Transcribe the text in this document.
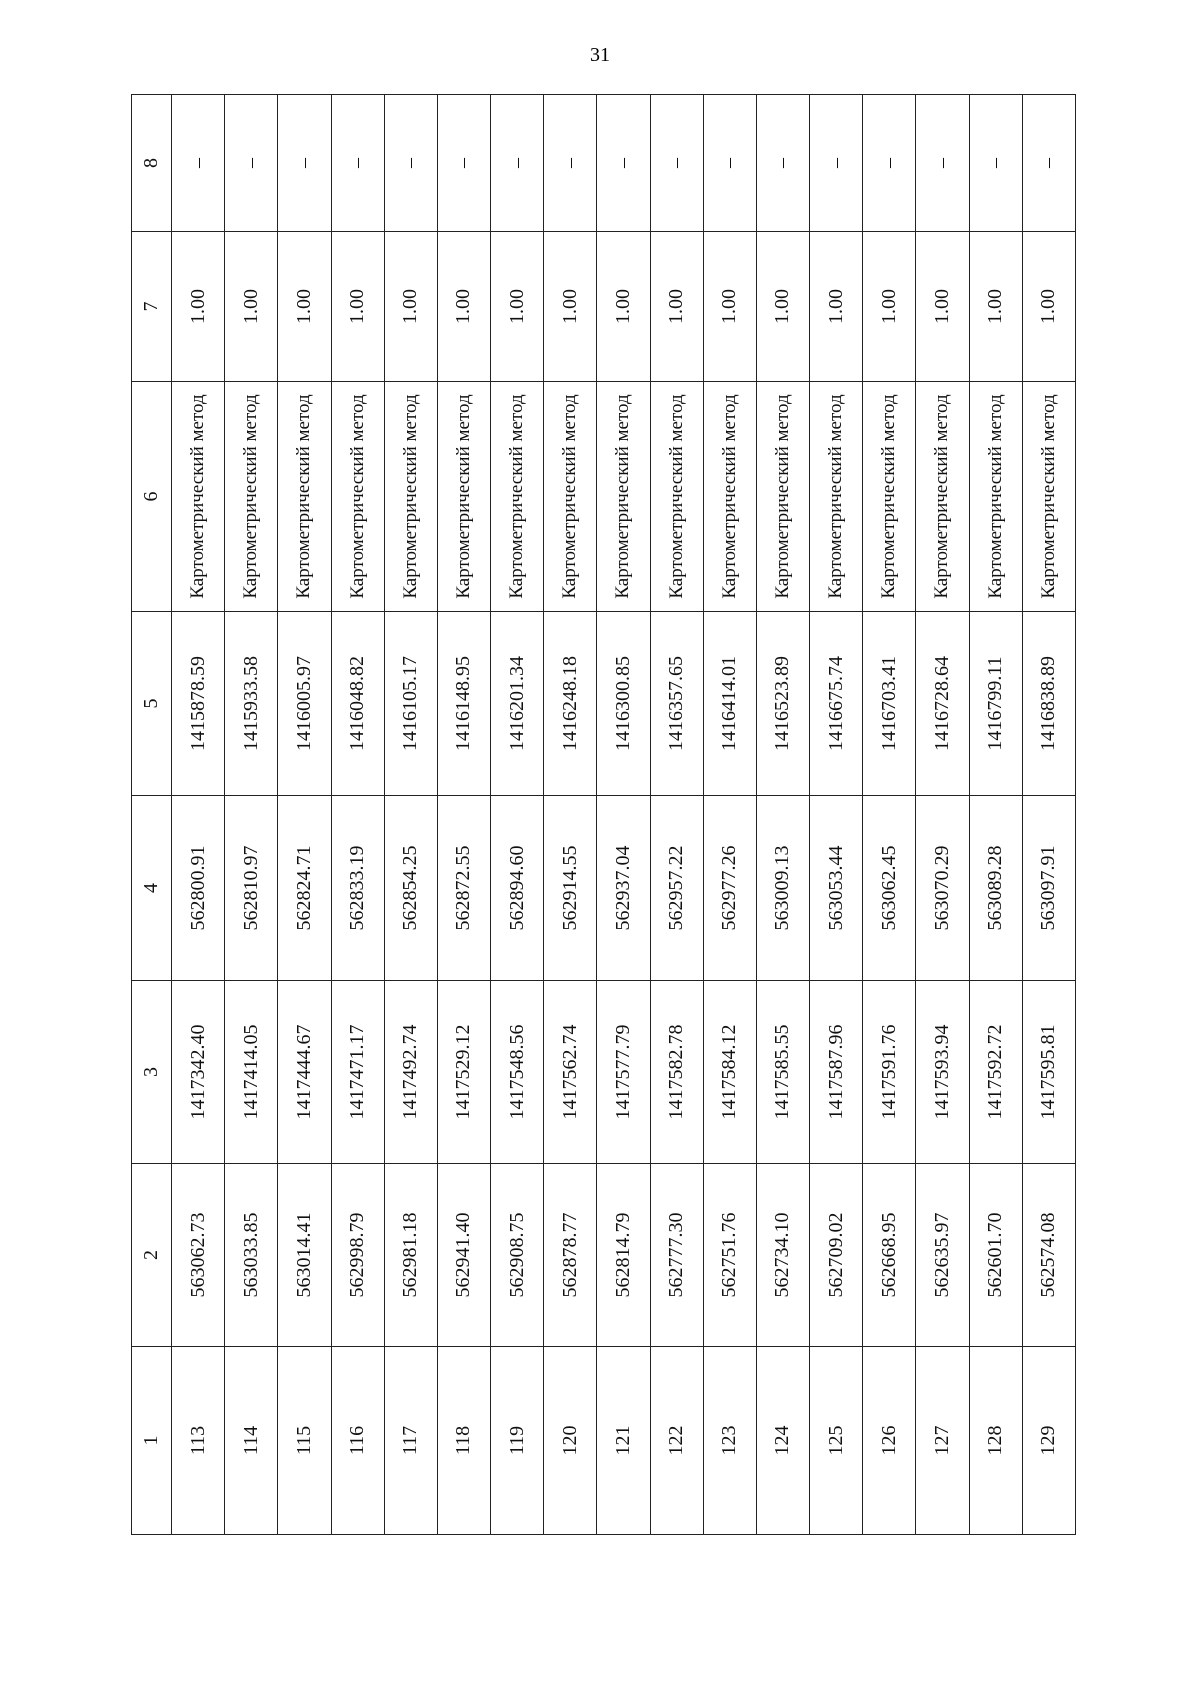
31
1	2	3	4	5	6	7	8
113	563062.73	1417342.40	562800.91	1415878.59	Картометрический метод	1.00	–
114	563033.85	1417414.05	562810.97	1415933.58	Картометрический метод	1.00	–
115	563014.41	1417444.67	562824.71	1416005.97	Картометрический метод	1.00	–
116	562998.79	1417471.17	562833.19	1416048.82	Картометрический метод	1.00	–
117	562981.18	1417492.74	562854.25	1416105.17	Картометрический метод	1.00	–
118	562941.40	1417529.12	562872.55	1416148.95	Картометрический метод	1.00	–
119	562908.75	1417548.56	562894.60	1416201.34	Картометрический метод	1.00	–
120	562878.77	1417562.74	562914.55	1416248.18	Картометрический метод	1.00	–
121	562814.79	1417577.79	562937.04	1416300.85	Картометрический метод	1.00	–
122	562777.30	1417582.78	562957.22	1416357.65	Картометрический метод	1.00	–
123	562751.76	1417584.12	562977.26	1416414.01	Картометрический метод	1.00	–
124	562734.10	1417585.55	563009.13	1416523.89	Картометрический метод	1.00	–
125	562709.02	1417587.96	563053.44	1416675.74	Картометрический метод	1.00	–
126	562668.95	1417591.76	563062.45	1416703.41	Картометрический метод	1.00	–
127	562635.97	1417593.94	563070.29	1416728.64	Картометрический метод	1.00	–
128	562601.70	1417592.72	563089.28	1416799.11	Картометрический метод	1.00	–
129	562574.08	1417595.81	563097.91	1416838.89	Картометрический метод	1.00	–
